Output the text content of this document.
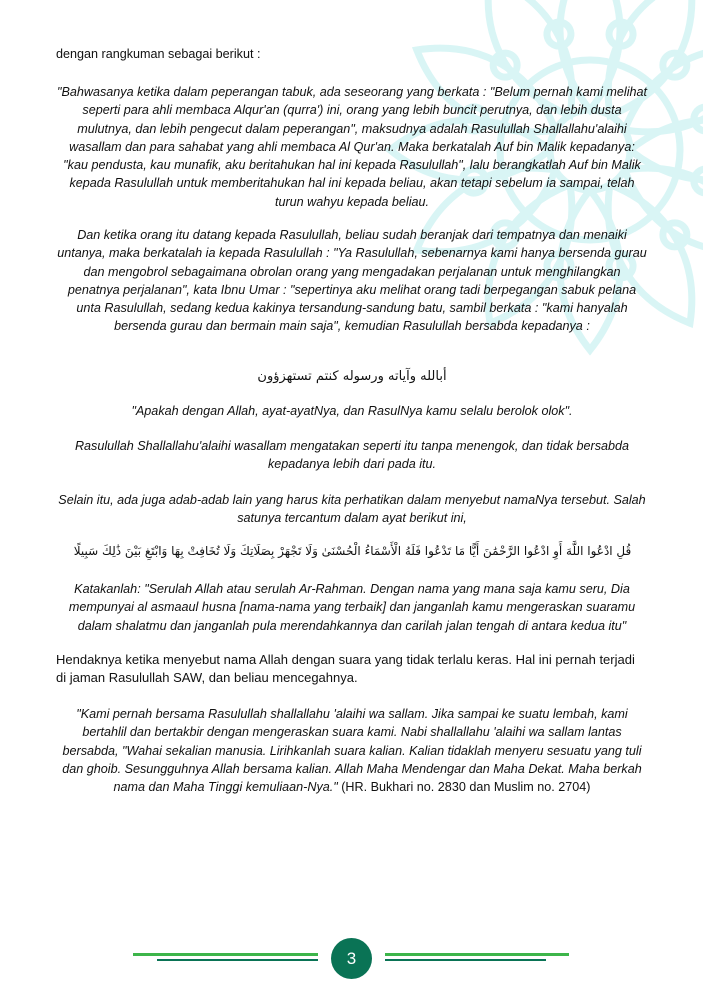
dengan rangkuman sebagai berikut :
"Bahwasanya ketika dalam peperangan tabuk, ada seseorang yang berkata : "Belum pernah kami melihat seperti para ahli membaca Alqur'an (qurra') ini, orang yang lebih buncit perutnya, dan lebih dusta mulutnya, dan lebih pengecut dalam peperangan", maksudnya adalah Rasulullah Shallallahu'alaihi wasallam dan para sahabat yang ahli membaca Al Qur'an. Maka berkatalah Auf bin Malik kepadanya: "kau pendusta, kau munafik, aku beritahukan hal ini kepada Rasulullah", lalu berangkatlah Auf bin Malik kepada Rasulullah untuk memberitahukan hal ini kepada beliau, akan tetapi sebelum ia sampai, telah turun wahyu kepada beliau.
Dan ketika orang itu datang kepada Rasulullah, beliau sudah beranjak dari tempatnya dan menaiki untanya, maka berkatalah ia kepada Rasulullah : "Ya Rasulullah, sebenarnya kami hanya bersenda gurau dan mengobrol sebagaimana obrolan orang yang mengadakan perjalanan untuk menghilangkan penatnya perjalanan", kata Ibnu Umar : "sepertinya aku melihat orang tadi berpegangan sabuk pelana unta Rasulullah, sedang kedua kakinya tersandung-sandung batu, sambil berkata : "kami hanyalah bersenda gurau dan bermain main saja", kemudian Rasulullah bersabda kepadanya :
أبالله وآياته ورسوله كنتم تستهزؤون
"Apakah dengan Allah, ayat-ayatNya, dan RasulNya kamu selalu berolok olok".
Rasulullah Shallallahu'alaihi wasallam mengatakan seperti itu tanpa menengok, dan tidak bersabda kepadanya lebih dari pada itu.
Selain itu, ada juga adab-adab lain yang harus kita perhatikan dalam menyebut namaNya tersebut. Salah satunya tercantum dalam ayat berikut ini,
قُلِ ادْعُوا اللَّهَ أَوِ ادْعُوا الرَّحْمَٰنَ أَيًّا مَا تَدْعُوا فَلَهُ الْأَسْمَاءُ الْحُسْنَىٰ وَلَا تَجْهَرْ بِصَلَاتِكَ وَلَا تُخَافِتْ بِهَا وَابْتَغِ بَيْنَ ذَٰلِكَ سَبِيلًا
Katakanlah: "Serulah Allah atau serulah Ar-Rahman. Dengan nama yang mana saja kamu seru, Dia mempunyai al asmaaul husna [nama-nama yang terbaik] dan janganlah kamu mengeraskan suaramu dalam shalatmu dan janganlah pula merendahkannya dan carilah jalan tengah di antara kedua itu"
Hendaknya ketika menyebut nama Allah dengan suara yang tidak terlalu keras. Hal ini pernah terjadi di jaman Rasulullah SAW, dan beliau mencegahnya.
"Kami pernah bersama Rasulullah shallallahu 'alaihi wa sallam. Jika sampai ke suatu lembah, kami bertahlil dan bertakbir dengan mengeraskan suara kami. Nabi shallallahu 'alaihi wa sallam lantas bersabda, "Wahai sekalian manusia. Lirihkanlah suara kalian. Kalian tidaklah menyeru sesuatu yang tuli dan ghoib. Sesungguhnya Allah bersama kalian. Allah Maha Mendengar dan Maha Dekat. Maha berkah nama dan Maha Tinggi kemuliaan-Nya." (HR. Bukhari no. 2830 dan Muslim no. 2704)
3
